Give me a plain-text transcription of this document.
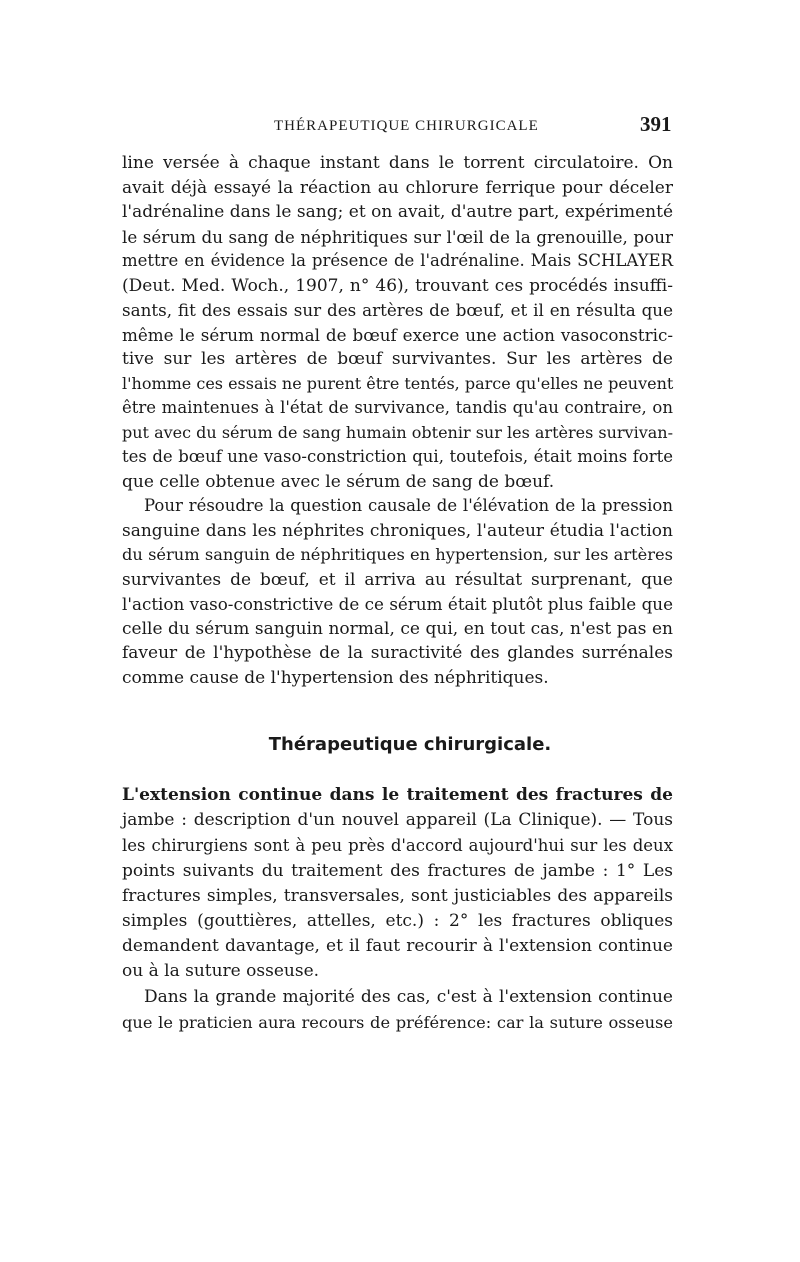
THÉRAPEUTIQUE CHIRURGICALE	391
line versée à chaque instant dans le torrent circulatoire. On
avait déjà essayé la réaction au chlorure ferrique pour déceler
l'adrénaline dans le sang; et on avait, d'autre part, expérimenté
le sérum du sang de néphritiques sur l'œil de la grenouille, pour
mettre en évidence la présence de l'adrénaline. Mais SCHLAYER
(Deut. Med. Woch., 1907, n° 46), trouvant ces procédés insuffi-
sants, fit des essais sur des artères de bœuf, et il en résulta que
même le sérum normal de bœuf exerce une action vasoconstric-
tive sur les artères de bœuf survivantes. Sur les artères de
l'homme ces essais ne purent être tentés, parce qu'elles ne peuvent
être maintenues à l'état de survivance, tandis qu'au contraire, on
put avec du sérum de sang humain obtenir sur les artères survivan-
tes de bœuf une vaso-constriction qui, toutefois, était moins forte
que celle obtenue avec le sérum de sang de bœuf.
Pour résoudre la question causale de l'élévation de la pression
sanguine dans les néphrites chroniques, l'auteur étudia l'action
du sérum sanguin de néphritiques en hypertension, sur les artères
survivantes de bœuf, et il arriva au résultat surprenant, que
l'action vaso-constrictive de ce sérum était plutôt plus faible que
celle du sérum sanguin normal, ce qui, en tout cas, n'est pas en
faveur de l'hypothèse de la suractivité des glandes surrénales
comme cause de l'hypertension des néphritiques.
Thérapeutique chirurgicale.
L'extension continue dans le traitement des fractures de
jambe : description d'un nouvel appareil (La Clinique). — Tous
les chirurgiens sont à peu près d'accord aujourd'hui sur les deux
points suivants du traitement des fractures de jambe : 1° Les
fractures simples, transversales, sont justiciables des appareils
simples (gouttières, attelles, etc.) : 2° les fractures obliques
demandent davantage, et il faut recourir à l'extension continue
ou à la suture osseuse.
Dans la grande majorité des cas, c'est à l'extension continue
que le praticien aura recours de préférence: car la suture osseuse
